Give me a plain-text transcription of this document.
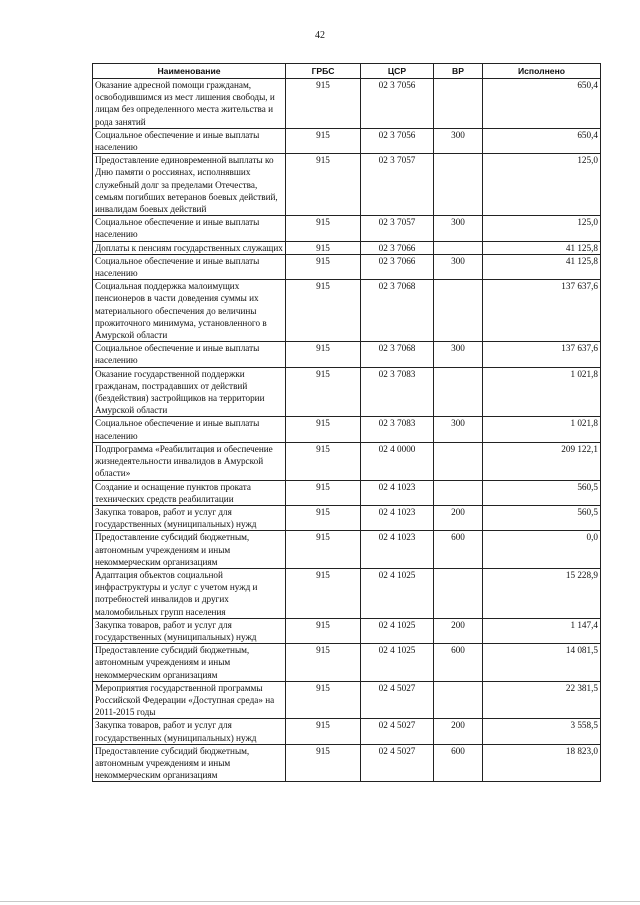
42
Наименование	ГРБС	ЦСР	ВР	Исполнено
Оказание адресной помощи гражданам, освободившимся из мест лишения свободы, и лицам без определенного места жительства и рода занятий	915	02 3 7056		650,4
Социальное обеспечение и иные выплаты населению	915	02 3 7056	300	650,4
Предоставление единовременной выплаты ко Дню памяти о россиянах, исполнявших служебный долг за пределами Отечества, семьям погибших ветеранов боевых действий, инвалидам боевых действий	915	02 3 7057		125,0
Социальное обеспечение и иные выплаты населению	915	02 3 7057	300	125,0
Доплаты к пенсиям государственных служащих	915	02 3 7066		41 125,8
Социальное обеспечение и иные выплаты населению	915	02 3 7066	300	41 125,8
Социальная поддержка малоимущих пенсионеров в части доведения суммы их материального обеспечения до величины прожиточного минимума, установленного в Амурской области	915	02 3 7068		137 637,6
Социальное обеспечение и иные выплаты населению	915	02 3 7068	300	137 637,6
Оказание государственной поддержки гражданам, пострадавших от действий (бездействия) застройщиков на территории Амурской области	915	02 3 7083		1 021,8
Социальное обеспечение и иные выплаты населению	915	02 3 7083	300	1 021,8
Подпрограмма «Реабилитация и обеспечение жизнедеятельности инвалидов в Амурской области»	915	02 4 0000		209 122,1
Создание и оснащение пунктов проката технических средств реабилитации	915	02 4 1023		560,5
Закупка товаров, работ и услуг для государственных (муниципальных) нужд	915	02 4 1023	200	560,5
Предоставление субсидий бюджетным, автономным учреждениям и иным некоммерческим организациям	915	02 4 1023	600	0,0
Адаптация объектов социальной инфраструктуры и услуг с учетом нужд и потребностей инвалидов и других маломобильных групп населения	915	02 4 1025		15 228,9
Закупка товаров, работ и услуг для государственных (муниципальных) нужд	915	02 4 1025	200	1 147,4
Предоставление субсидий бюджетным, автономным учреждениям и иным некоммерческим организациям	915	02 4 1025	600	14 081,5
Мероприятия государственной программы Российской Федерации «Доступная среда» на 2011-2015 годы	915	02 4 5027		22 381,5
Закупка товаров, работ и услуг для государственных (муниципальных) нужд	915	02 4 5027	200	3 558,5
Предоставление субсидий бюджетным, автономным учреждениям и иным некоммерческим организациям	915	02 4 5027	600	18 823,0
